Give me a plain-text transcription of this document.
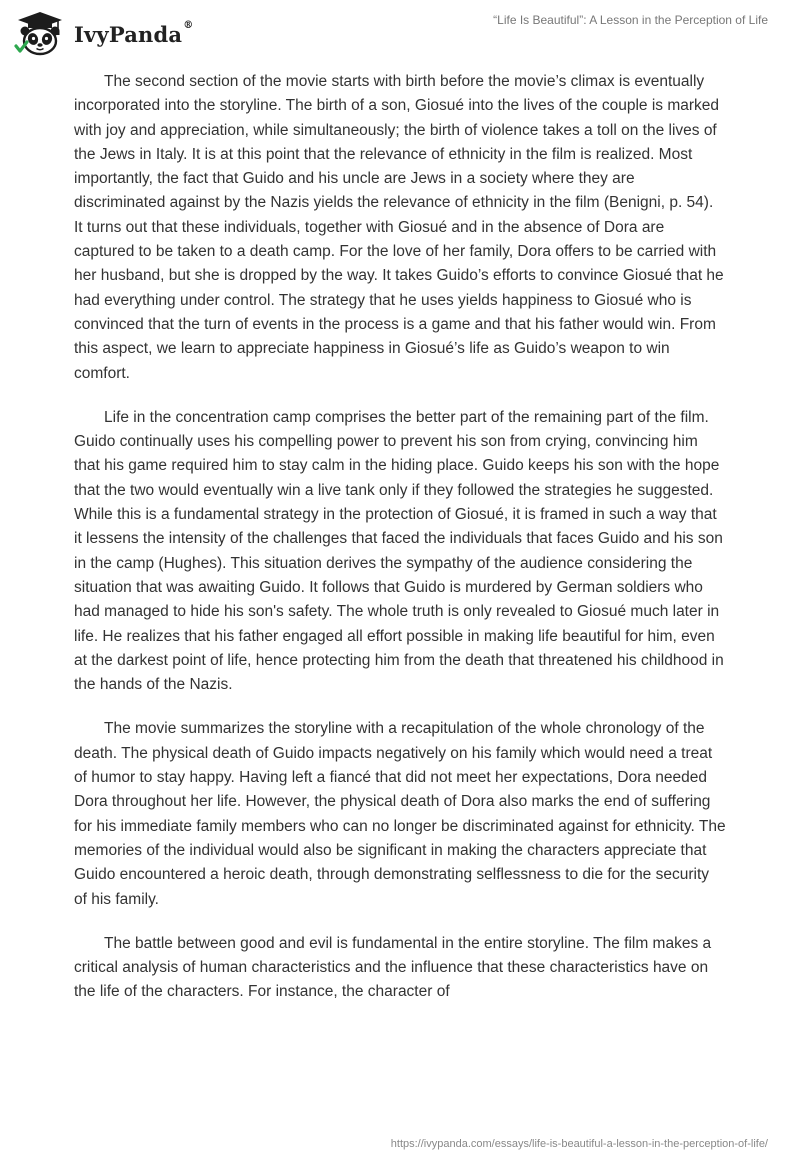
IvyPanda®	“Life Is Beautiful”: A Lesson in the Perception of Life

The second section of the movie starts with birth before the movie’s climax is eventually incorporated into the storyline. The birth of a son, Giosué into the lives of the couple is marked with joy and appreciation, while simultaneously; the birth of violence takes a toll on the lives of the Jews in Italy. It is at this point that the relevance of ethnicity in the film is realized. Most importantly, the fact that Guido and his uncle are Jews in a society where they are discriminated against by the Nazis yields the relevance of ethnicity in the film (Benigni, p. 54). It turns out that these individuals, together with Giosué and in the absence of Dora are captured to be taken to a death camp. For the love of her family, Dora offers to be carried with her husband, but she is dropped by the way. It takes Guido’s efforts to convince Giosué that he had everything under control. The strategy that he uses yields happiness to Giosué who is convinced that the turn of events in the process is a game and that his father would win. From this aspect, we learn to appreciate happiness in Giosué’s life as Guido’s weapon to win comfort.

Life in the concentration camp comprises the better part of the remaining part of the film. Guido continually uses his compelling power to prevent his son from crying, convincing him that his game required him to stay calm in the hiding place. Guido keeps his son with the hope that the two would eventually win a live tank only if they followed the strategies he suggested. While this is a fundamental strategy in the protection of Giosué, it is framed in such a way that it lessens the intensity of the challenges that faced the individuals that faces Guido and his son in the camp (Hughes). This situation derives the sympathy of the audience considering the situation that was awaiting Guido. It follows that Guido is murdered by German soldiers who had managed to hide his son's safety. The whole truth is only revealed to Giosué much later in life. He realizes that his father engaged all effort possible in making life beautiful for him, even at the darkest point of life, hence protecting him from the death that threatened his childhood in the hands of the Nazis.

The movie summarizes the storyline with a recapitulation of the whole chronology of the death. The physical death of Guido impacts negatively on his family which would need a treat of humor to stay happy. Having left a fiancé that did not meet her expectations, Dora needed Dora throughout her life. However, the physical death of Dora also marks the end of suffering for his immediate family members who can no longer be discriminated against for ethnicity. The memories of the individual would also be significant in making the characters appreciate that Guido encountered a heroic death, through demonstrating selflessness to die for the security of his family.

The battle between good and evil is fundamental in the entire storyline. The film makes a critical analysis of human characteristics and the influence that these characteristics have on the life of the characters. For instance, the character of

https://ivypanda.com/essays/life-is-beautiful-a-lesson-in-the-perception-of-life/
